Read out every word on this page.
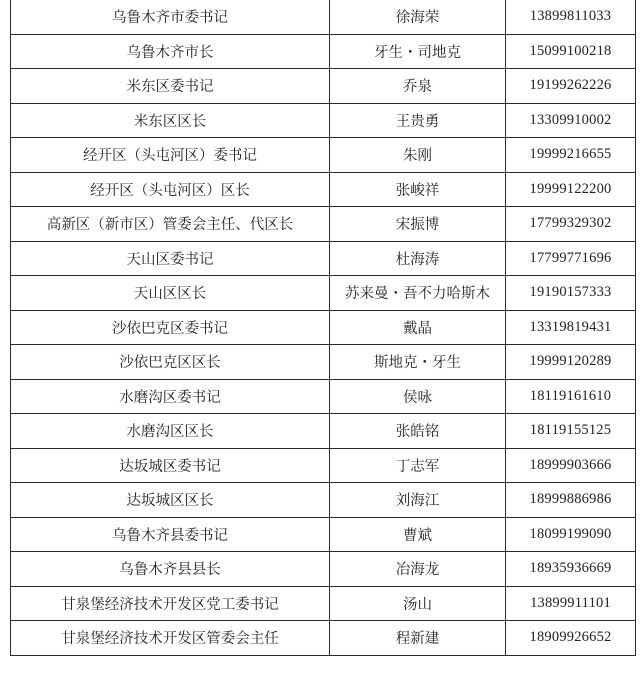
乌鲁木齐市委书记	徐海荣	13899811033
乌鲁木齐市长	牙生・司地克	15099100218
米东区委书记	乔泉	19199262226
米东区区长	王贵勇	13309910002
经开区（头屯河区）委书记	朱刚	19999216655
经开区（头屯河区）区长	张峻祥	19999122200
高新区（新市区）管委会主任、代区长	宋振博	17799329302
天山区委书记	杜海涛	17799771696
天山区区长	苏来曼・吾不力哈斯木	19190157333
沙依巴克区委书记	戴晶	13319819431
沙依巴克区区长	斯地克・牙生	19999120289
水磨沟区委书记	侯咏	18119161610
水磨沟区区长	张皓铭	18119155125
达坂城区委书记	丁志军	18999903666
达坂城区区长	刘海江	18999886986
乌鲁木齐县委书记	曹斌	18099199090
乌鲁木齐县县长	冶海龙	18935936669
甘泉堡经济技术开发区党工委书记	汤山	13899911101
甘泉堡经济技术开发区管委会主任	程新建	18909926652
